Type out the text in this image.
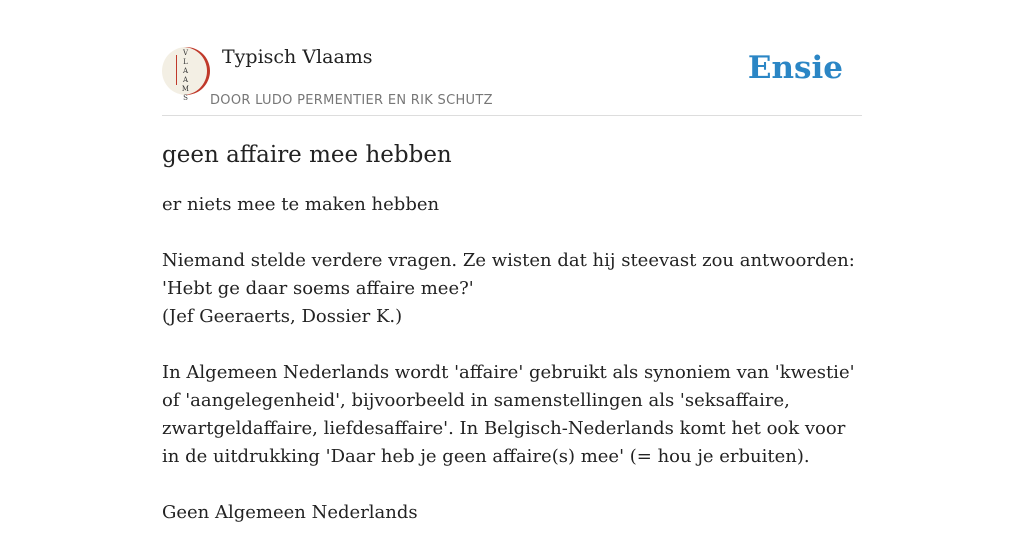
V
L
A
A
M
S
Typisch Vlaams
DOOR LUDO PERMENTIER EN RIK SCHUTZ
Ensie
geen affaire mee hebben

er niets mee te maken hebben

Niemand stelde verdere vragen. Ze wisten dat hij steevast zou antwoorden: 'Hebt ge daar soems affaire mee?'
(Jef Geeraerts, Dossier K.)

In Algemeen Nederlands wordt 'affaire' gebruikt als synoniem van 'kwestie' of 'aangelegenheid', bijvoorbeeld in samenstellingen als 'seksaffaire, zwartgeldaffaire, liefdesaffaire'. In Belgisch-Nederlands komt het ook voor in de uitdrukking 'Daar heb je geen affaire(s) mee' (= hou je erbuiten).

Geen Algemeen Nederlands
